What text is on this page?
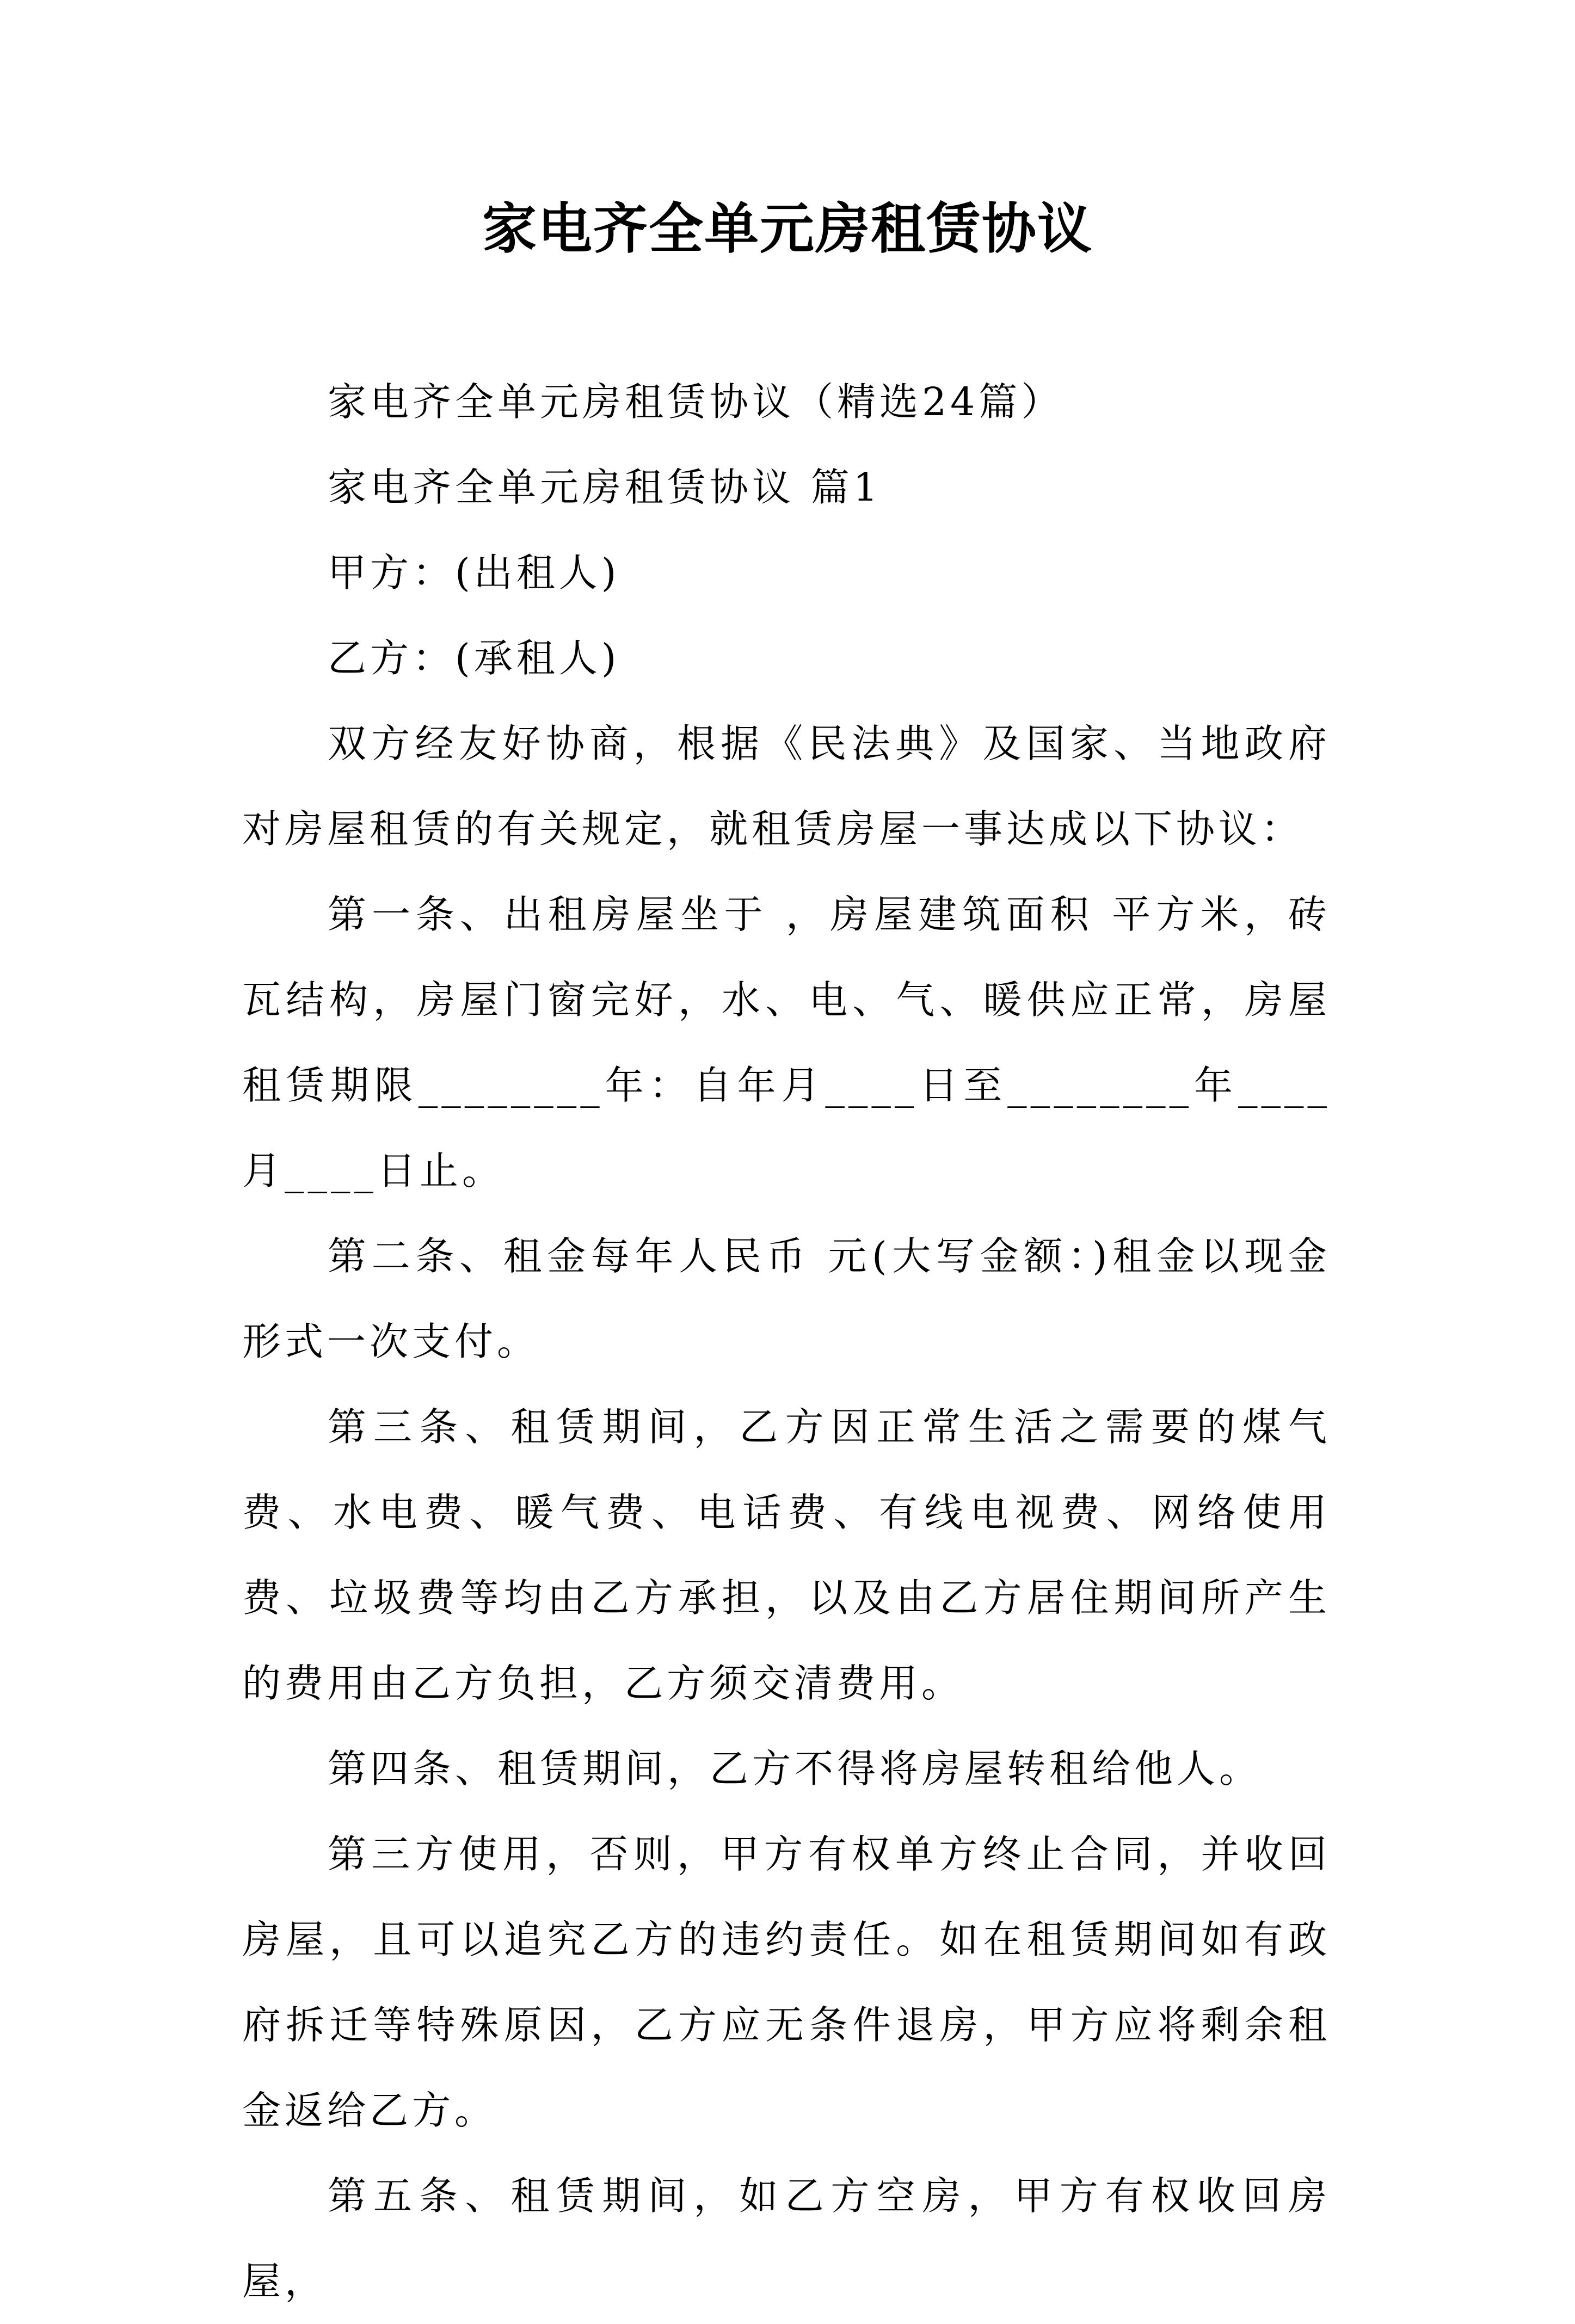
家电齐全单元房租赁协议

家电齐全单元房租赁协议（精选24篇）

家电齐全单元房租赁协议 篇1

甲方：(出租人)

乙方：(承租人)

双方经友好协商，根据《民法典》及国家、当地政府对房屋租赁的有关规定，就租赁房屋一事达成以下协议：

第一条、出租房屋坐于 ，房屋建筑面积 平方米，砖瓦结构，房屋门窗完好，水、电、气、暖供应正常，房屋租赁期限________年：自年月____日至________年____月____日止。

第二条、租金每年人民币 元(大写金额：)租金以现金形式一次支付。

第三条、租赁期间，乙方因正常生活之需要的煤气费、水电费、暖气费、电话费、有线电视费、网络使用费、垃圾费等均由乙方承担，以及由乙方居住期间所产生的费用由乙方负担，乙方须交清费用。

第四条、租赁期间，乙方不得将房屋转租给他人。

第三方使用，否则，甲方有权单方终止合同，并收回房屋，且可以追究乙方的违约责任。如在租赁期间如有政府拆迁等特殊原因，乙方应无条件退房，甲方应将剩余租金返给乙方。

第五条、租赁期间，如乙方空房，甲方有权收回房屋，
